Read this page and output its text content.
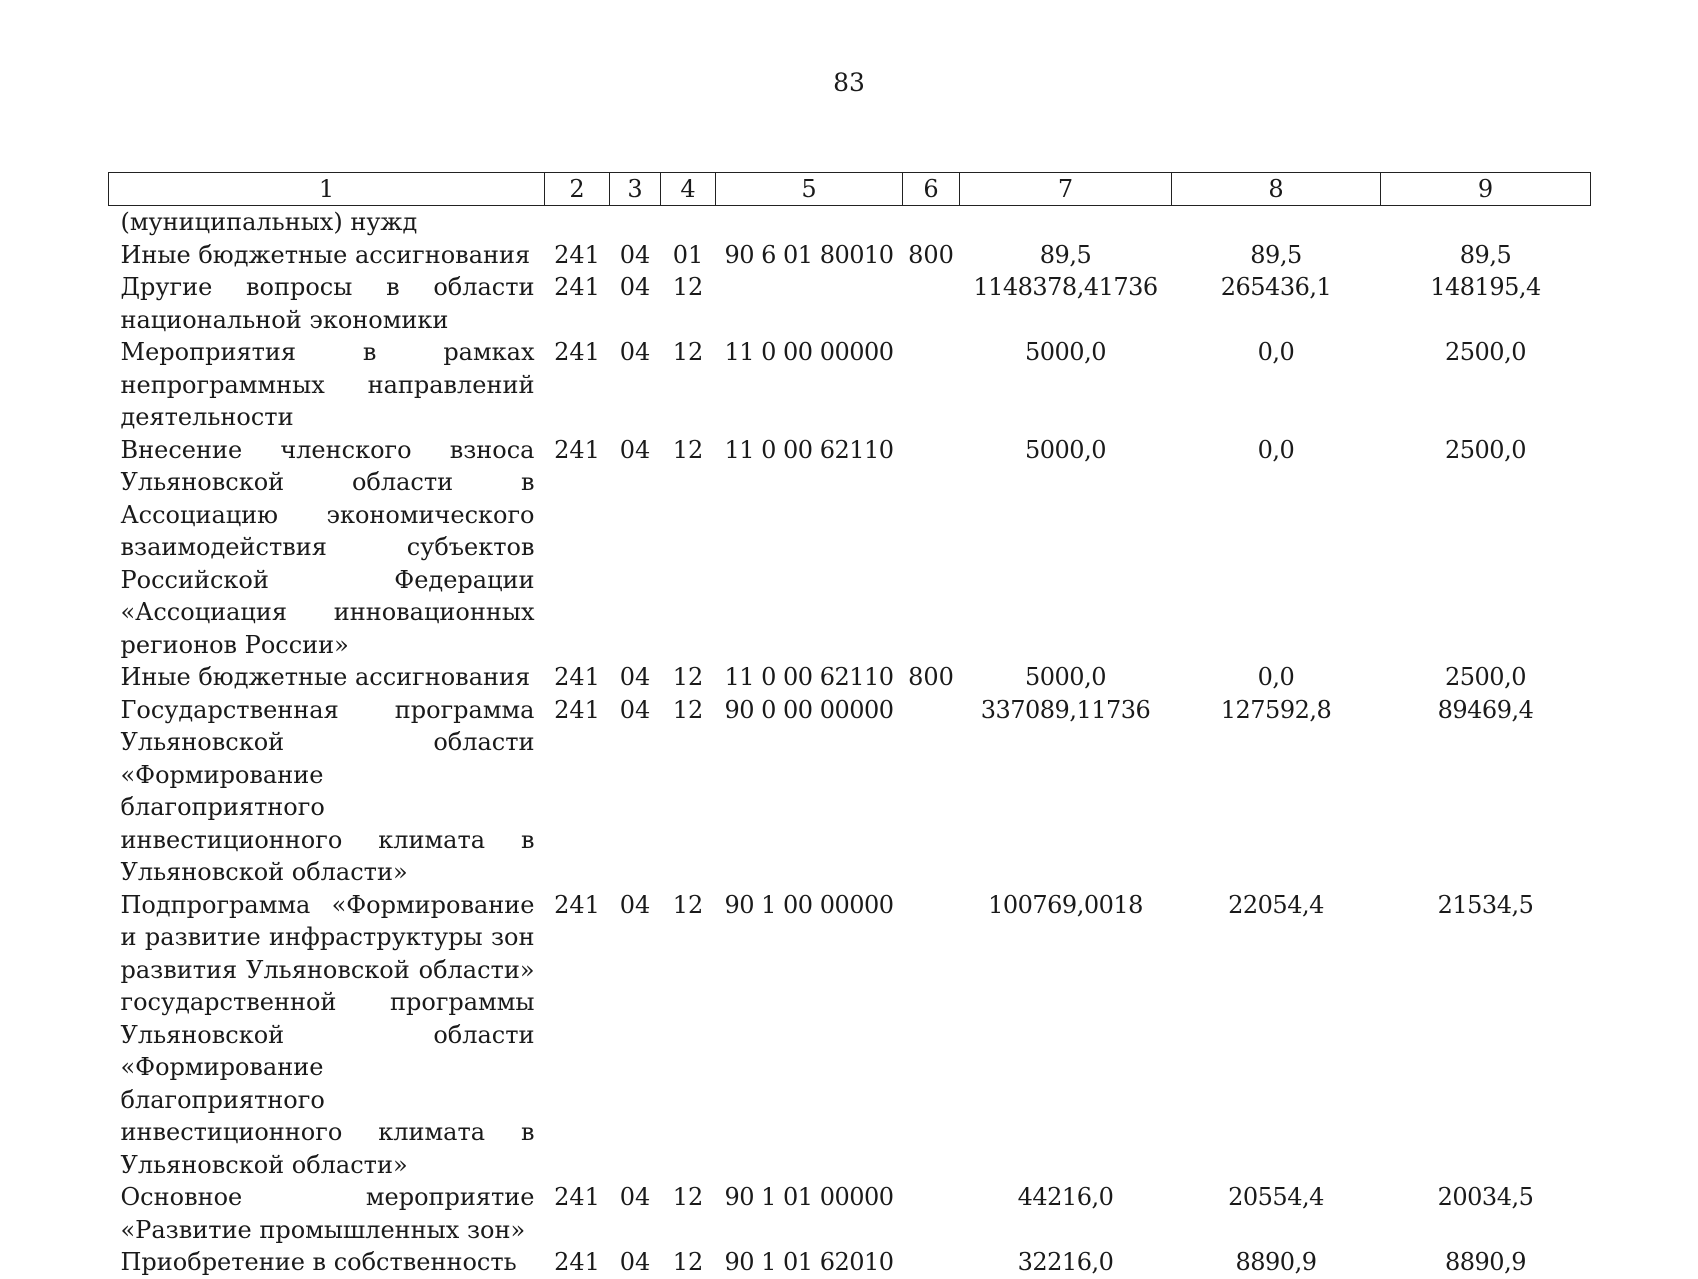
83
1	2	3	4	5	6	7	8	9
(муниципальных) нужд								
Иные бюджетные ассигнования	241	04	01	90 6 01 80010	800	89,5	89,5	89,5
Другие вопросы в области национальной экономики	241	04	12			1148378,41736	265436,1	148195,4
Мероприятия в рамках непрограммных направлений деятельности	241	04	12	11 0 00 00000		5000,0	0,0	2500,0
Внесение членского взноса Ульяновской области в Ассоциацию экономического взаимодействия субъектов Российской Федерации «Ассоциация инновационных регионов России»	241	04	12	11 0 00 62110		5000,0	0,0	2500,0
Иные бюджетные ассигнования	241	04	12	11 0 00 62110	800	5000,0	0,0	2500,0
Государственная программа Ульяновской области «Формирование благоприятного инвестиционного климата в Ульяновской области»	241	04	12	90 0 00 00000		337089,11736	127592,8	89469,4
Подпрограмма «Формирование и развитие инфраструктуры зон развития Ульяновской области» государственной программы Ульяновской области «Формирование благоприятного инвестиционного климата в Ульяновской области»	241	04	12	90 1 00 00000		100769,0018	22054,4	21534,5
Основное мероприятие «Развитие промышленных зон»	241	04	12	90 1 01 00000		44216,0	20554,4	20034,5
Приобретение в собственность	241	04	12	90 1 01 62010		32216,0	8890,9	8890,9
